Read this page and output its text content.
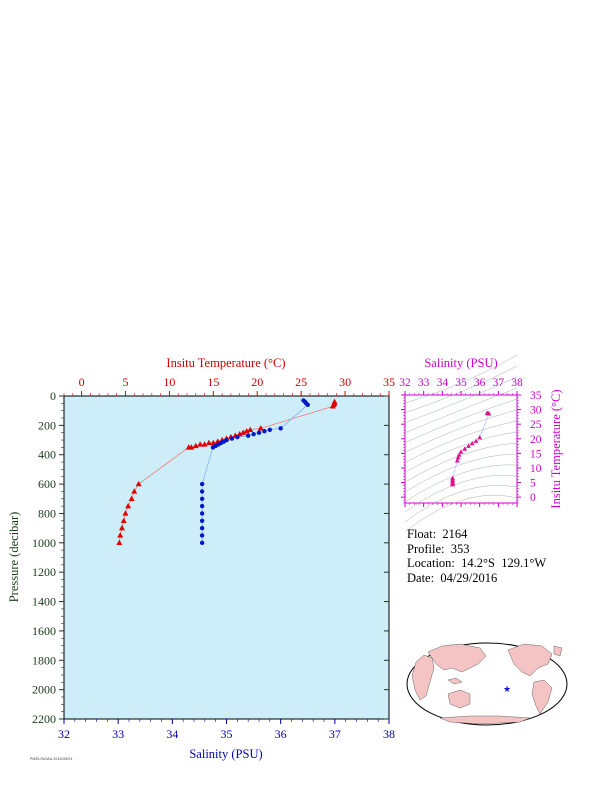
0
200
400
600
800
1000
1200
1400
1600
1800
2000
2200
0	5	10	15	20	25	30	35
32	33	34	35	36	37	38
Insitu Temperature (°C)
Salinity (PSU)
Pressure (decibar)
32 33 34 35 36 37 38
35
30
25
20
15
10
5
0
Salinity (PSU)
Insitu Temperature (°C)
★
Float:  2164
Profile:  353
Location:  14.2°S  129.1°W
Date:  04/29/2016
PMEL/NOAA 2016/05/01
